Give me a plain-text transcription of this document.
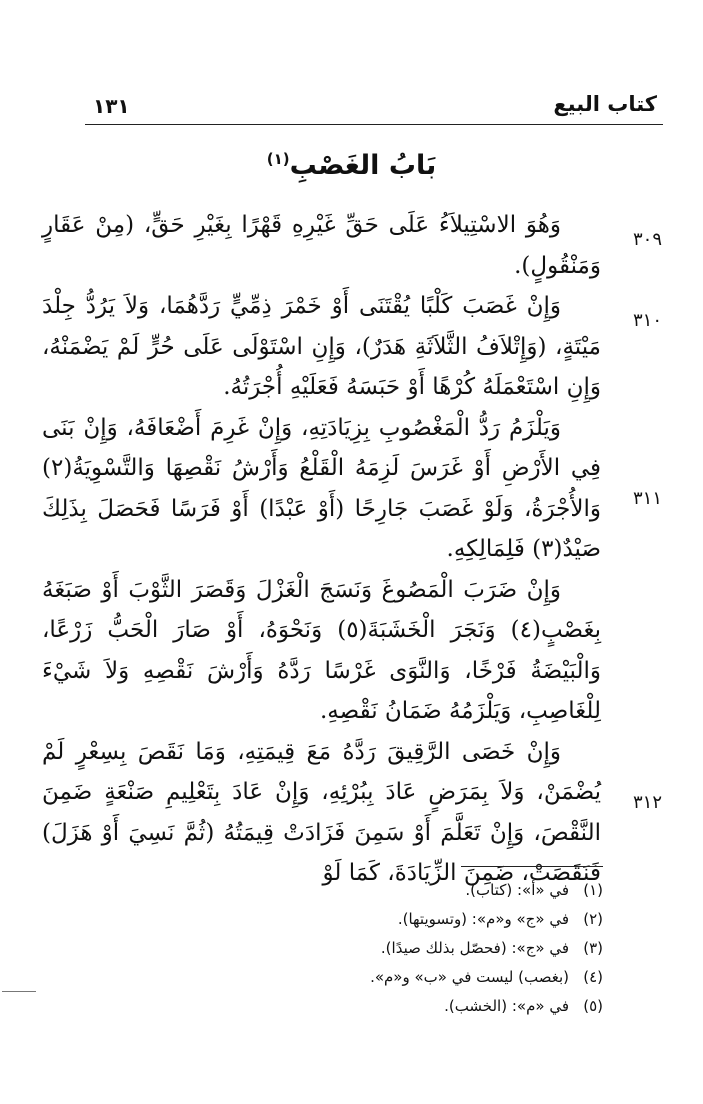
١٣١	كتاب البيع
بَابُ الغَصْبِ$^{(١)}$
٣٠٩
٣١٠
٣١١
٣١٢

وَهُوَ الاسْتِيلاَءُ عَلَى حَقِّ غَيْرِهِ قَهْرًا بِغَيْرِ حَقٍّ، (مِنْ عَقَارٍ وَمَنْقُولٍ).

وَإِنْ غَصَبَ كَلْبًا يُقْتَنَى أَوْ خَمْرَ ذِمِّيٍّ رَدَّهُمَا، وَلاَ يَرُدُّ جِلْدَ مَيْتَةٍ، (وَإِتْلاَفُ الثَّلاَثَةِ هَدَرٌ)، وَإِنِ اسْتَوْلَى عَلَى حُرٍّ لَمْ يَضْمَنْهُ، وَإِنِ اسْتَعْمَلَهُ كُرْهًا أَوْ حَبَسَهُ فَعَلَيْهِ أُجْرَتُهُ.

وَيَلْزَمُ رَدُّ الْمَغْصُوبِ بِزِيَادَتِهِ، وَإِنْ غَرِمَ أَضْعَافَهُ، وَإِنْ بَنَى فِي الأَرْضِ أَوْ غَرَسَ لَزِمَهُ الْقَلْعُ وَأَرْشُ نَقْصِهَا وَالتَّسْوِيَةُ(٢) وَالأُجْرَةُ، وَلَوْ غَصَبَ جَارِحًا (أَوْ عَبْدًا) أَوْ فَرَسًا فَحَصَلَ بِذَلِكَ صَيْدٌ(٣) فَلِمَالِكِهِ.

وَإِنْ ضَرَبَ الْمَصُوغَ وَنَسَجَ الْغَزْلَ وَقَصَرَ الثَّوْبَ أَوْ صَبَغَهُ بِغَصْبٍ(٤) وَنَجَرَ الْخَشَبَةَ(٥) وَنَحْوَهُ، أَوْ صَارَ الْحَبُّ زَرْعًا، وَالْبَيْضَةُ فَرْخًا، وَالنَّوَى غَرْسًا رَدَّهُ وَأَرْشَ نَقْصِهِ وَلاَ شَيْءَ لِلْغَاصِبِ، وَيَلْزَمُهُ ضَمَانُ نَقْصِهِ.

وَإِنْ خَصَى الرَّقِيقَ رَدَّهُ مَعَ قِيمَتِهِ، وَمَا نَقَصَ بِسِعْرٍ لَمْ يُضْمَنْ، وَلاَ بِمَرَضٍ عَادَ بِبُرْئِهِ، وَإِنْ عَادَ بِتَعْلِيمِ صَنْعَةٍ ضَمِنَ النَّقْصَ، وَإِنْ تَعَلَّمَ أَوْ سَمِنَ فَزَادَتْ قِيمَتُهُ (ثُمَّ نَسِيَ أَوْ هَزَلَ) فَنَقَصَتْ، ضَمِنَ الزِّيَادَةَ، كَمَا لَوْ

(١)في «أ»: (كتاب).
(٢)في «ج» و«م»: (وتسويتها).
(٣)في «ج»: (فحصّل بذلك صيدًا).
(٤)(بغصب) ليست في «ب» و«م».
(٥)في «م»: (الخشب).
